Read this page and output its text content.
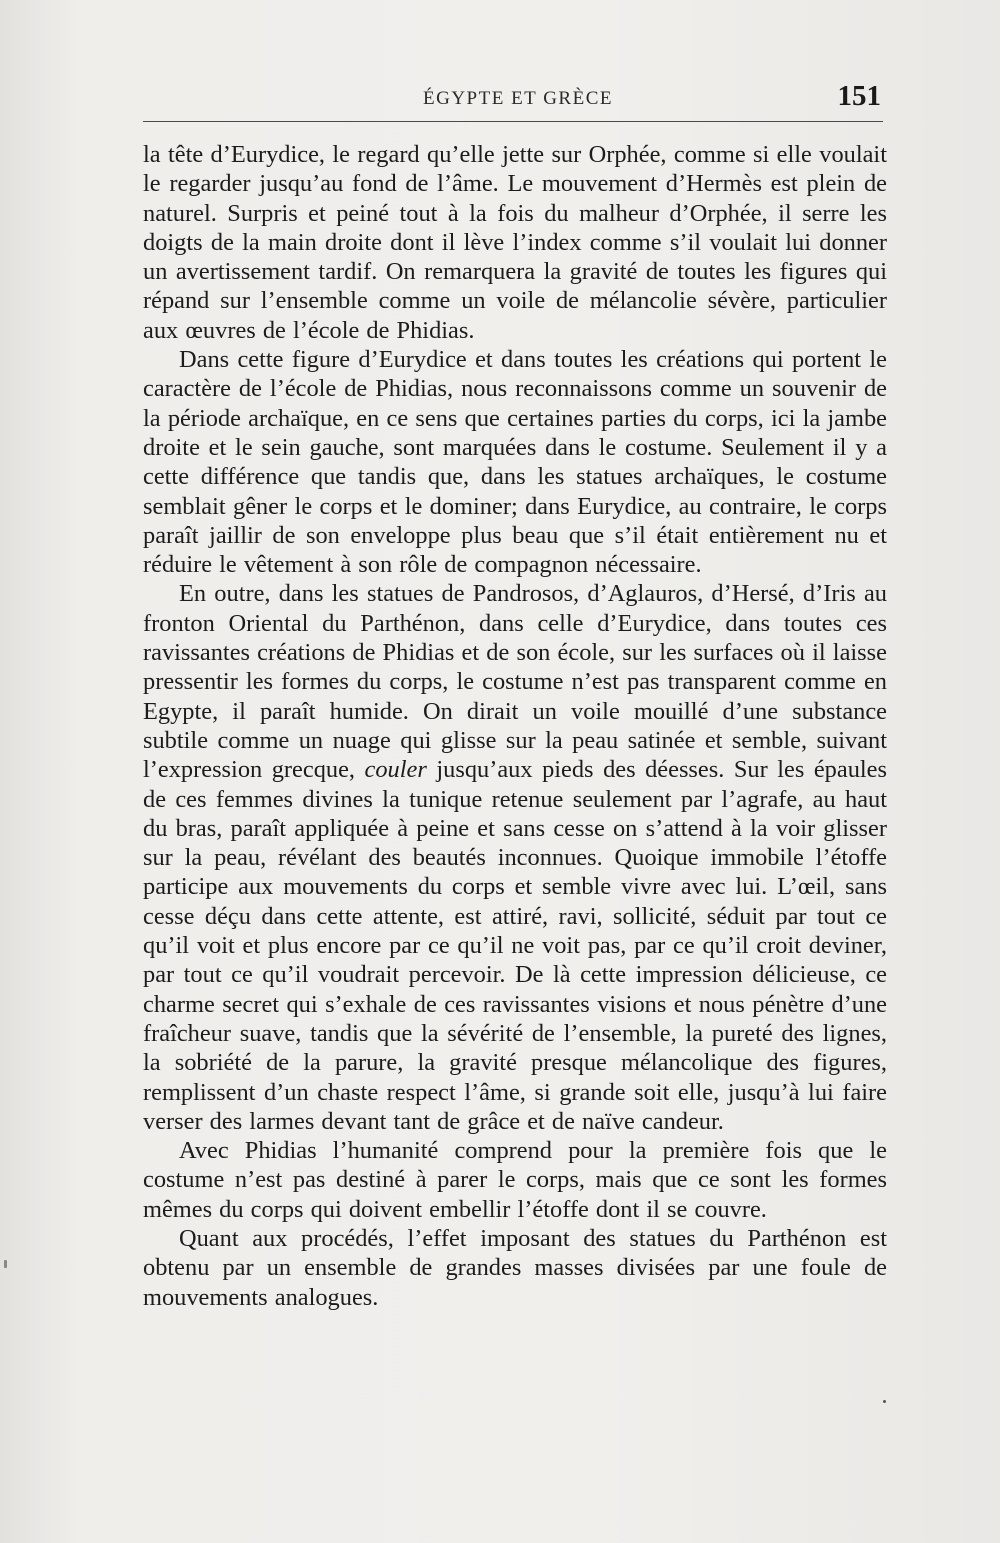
ÉGYPTE ET GRÈCE	151

la tête d’Eurydice, le regard qu’elle jette sur Orphée, comme si elle voulait le regarder jusqu’au fond de l’âme. Le mouvement d’Hermès est plein de naturel. Surpris et peiné tout à la fois du malheur d’Orphée, il serre les doigts de la main droite dont il lève l’index comme s’il voulait lui donner un avertissement tardif. On remarquera la gravité de toutes les figures qui répand sur l’ensemble comme un voile de mélancolie sévère, particulier aux œuvres de l’école de Phidias.

Dans cette figure d’Eurydice et dans toutes les créations qui portent le caractère de l’école de Phidias, nous reconnaissons comme un souvenir de la période archaïque, en ce sens que certaines parties du corps, ici la jambe droite et le sein gauche, sont marquées dans le costume. Seulement il y a cette différence que tandis que, dans les statues archaïques, le costume semblait gêner le corps et le dominer; dans Eurydice, au contraire, le corps paraît jaillir de son enveloppe plus beau que s’il était entièrement nu et réduire le vêtement à son rôle de compagnon nécessaire.

En outre, dans les statues de Pandrosos, d’Aglauros, d’Hersé, d’Iris au fronton Oriental du Parthénon, dans celle d’Eurydice, dans toutes ces ravissantes créations de Phidias et de son école, sur les surfaces où il laisse pressentir les formes du corps, le costume n’est pas transparent comme en Egypte, il paraît humide. On dirait un voile mouillé d’une substance subtile comme un nuage qui glisse sur la peau satinée et semble, suivant l’expression grecque, couler jusqu’aux pieds des déesses. Sur les épaules de ces femmes divines la tunique retenue seulement par l’agrafe, au haut du bras, paraît appliquée à peine et sans cesse on s’attend à la voir glisser sur la peau, révélant des beautés inconnues. Quoique immobile l’étoffe participe aux mouvements du corps et semble vivre avec lui. L’œil, sans cesse déçu dans cette attente, est attiré, ravi, sollicité, séduit par tout ce qu’il voit et plus encore par ce qu’il ne voit pas, par ce qu’il croit deviner, par tout ce qu’il voudrait percevoir. De là cette impression délicieuse, ce charme secret qui s’exhale de ces ravissantes visions et nous pénètre d’une fraîcheur suave, tandis que la sévérité de l’ensemble, la pureté des lignes, la sobriété de la parure, la gravité presque mélancolique des figures, remplissent d’un chaste respect l’âme, si grande soit elle, jusqu’à lui faire verser des larmes devant tant de grâce et de naïve candeur.

Avec Phidias l’humanité comprend pour la première fois que le costume n’est pas destiné à parer le corps, mais que ce sont les formes mêmes du corps qui doivent embellir l’étoffe dont il se couvre.

Quant aux procédés, l’effet imposant des statues du Parthénon est obtenu par un ensemble de grandes masses divisées par une foule de mouvements analogues.
